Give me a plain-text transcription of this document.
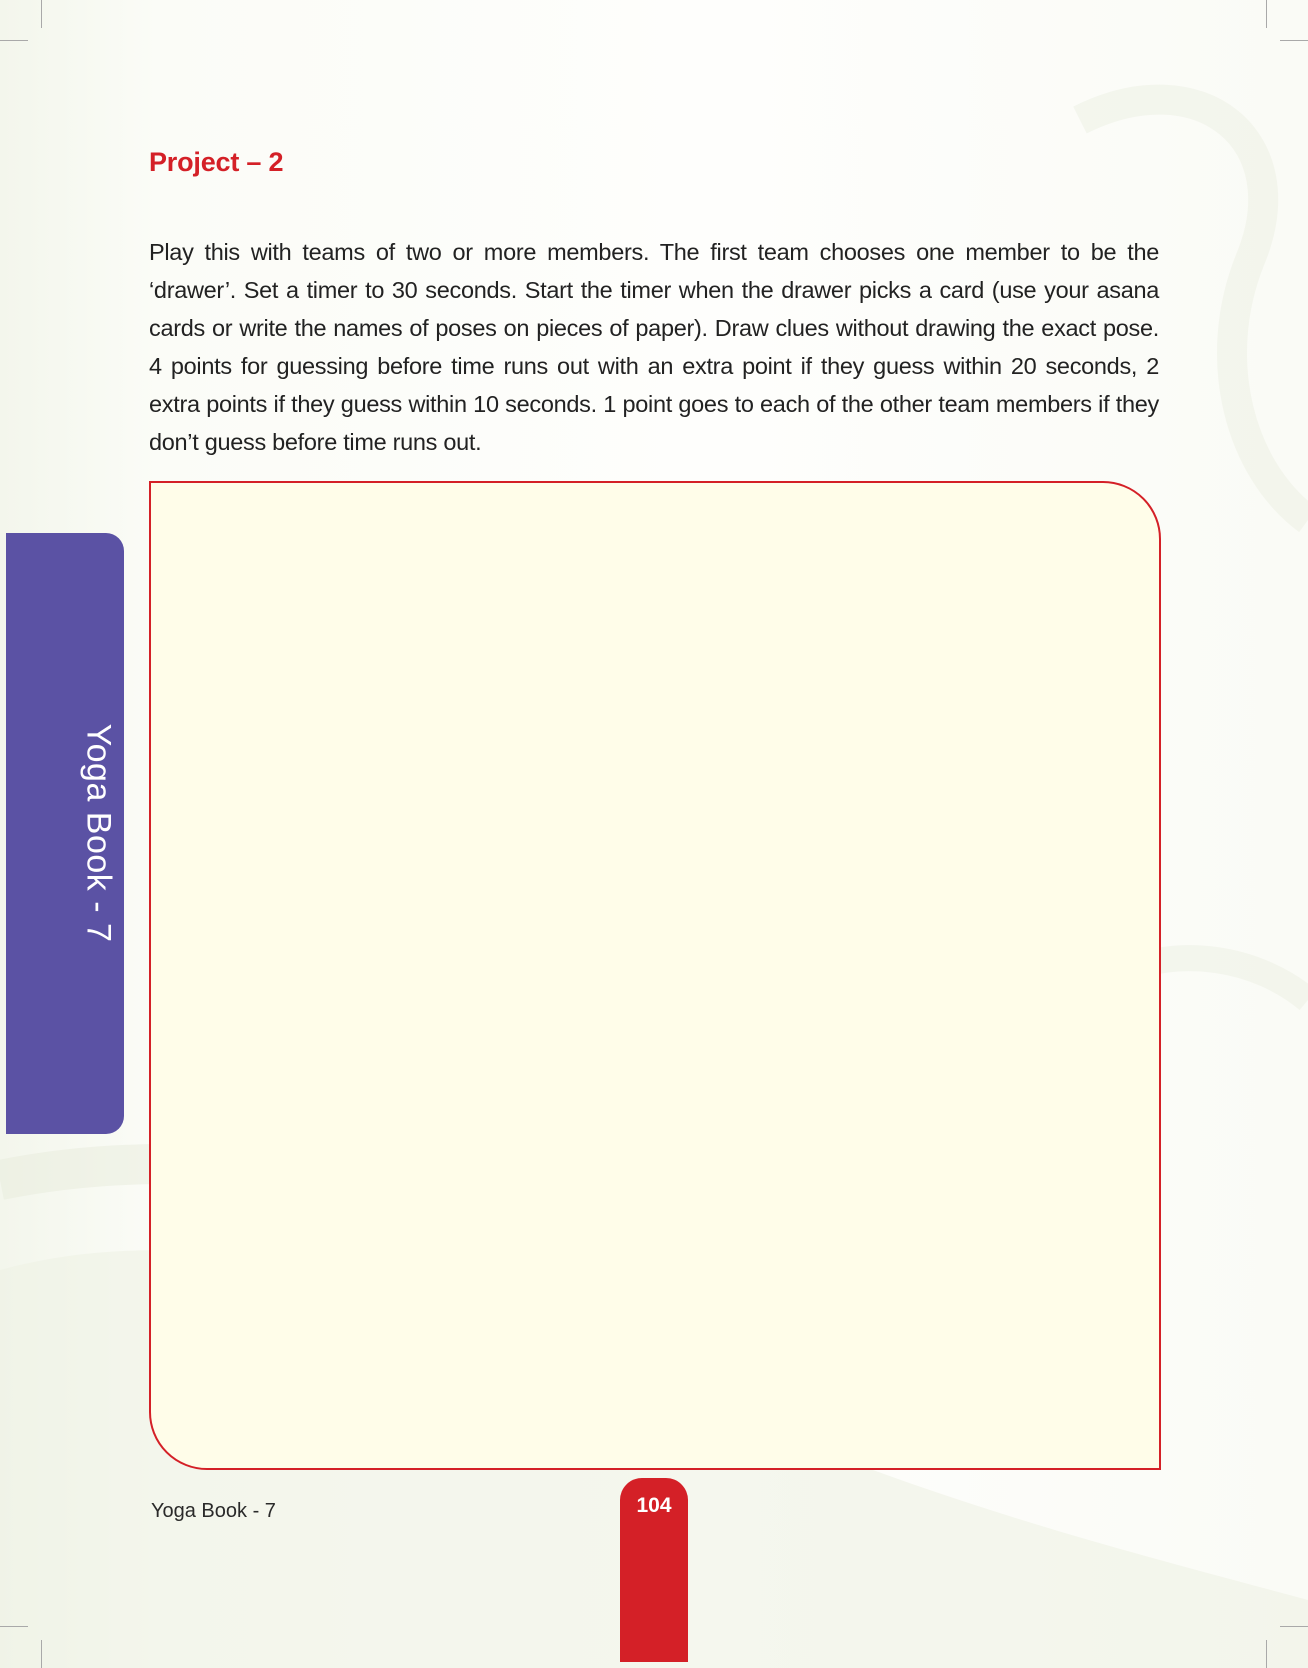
Project – 2

Play this with teams of two or more members. The first team chooses one member to be the ‘drawer’. Set a timer to 30 seconds. Start the timer when the drawer picks a card (use your asana cards or write the names of poses on pieces of paper). Draw clues without drawing the exact pose. 4 points for guessing before time runs out with an extra point if they guess within 20 seconds, 2 extra points if they guess within 10 seconds. 1 point goes to each of the other team members if they don’t guess before time runs out.

Yoga Book - 7
Yoga Book - 7	104
